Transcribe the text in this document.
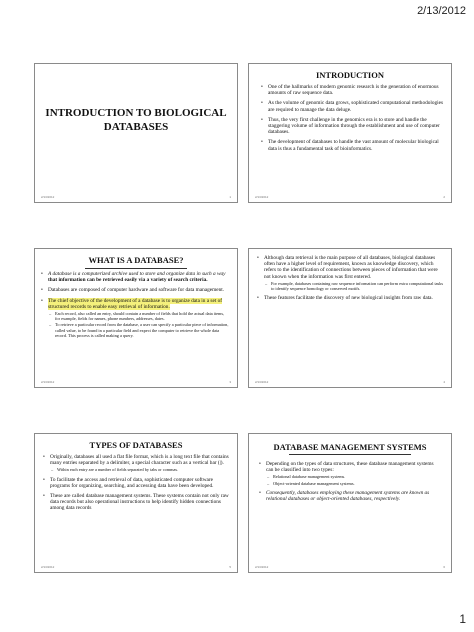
2/13/2012
INTRODUCTION TO BIOLOGICAL DATABASES
2/13/2012	1
INTRODUCTION
• One of the hallmarks of modern genomic research is the generation of enormous amounts of raw sequence data.
• As the volume of genomic data grows, sophisticated computational methodologies are required to manage the data deluge.
• Thus, the very first challenge in the genomics era is to store and handle the staggering volume of information through the establishment and use of computer databases.
• The development of databases to handle the vast amount of molecular biological data is thus a fundamental task of bioinformatics.
2/13/2012	2
WHAT IS A DATABASE?
• A database is a computerized archive used to store and organize data in such a way that information can be retrieved easily via a variety of search criteria.
• Databases are composed of computer hardware and software for data management.
• The chief objective of the development of a database is to organize data in a set of structured records to enable easy retrieval of information.
– Each record, also called an entry, should contain a number of fields that hold the actual data items, for example, fields for names, phone numbers, addresses, dates.
– To retrieve a particular record from the database, a user can specify a particular piece of information, called value, to be found in a particular field and expect the computer to retrieve the whole data record. This process is called making a query.
2/13/2012	3
• Although data retrieval is the main purpose of all databases, biological databases often have a higher level of requirement, known as knowledge discovery, which refers to the identification of connections between pieces of information that were not known when the information was first entered.
– For example, databases containing raw sequence information can perform extra computational tasks to identify sequence homology or conserved motifs.
• These features facilitate the discovery of new biological insights from raw data.
2/13/2012	4
TYPES OF DATABASES
• Originally, databases all used a flat file format, which is a long text file that contains many entries separated by a delimiter, a special character such as a vertical bar (|).
– Within each entry are a number of fields separated by tabs or commas.
• To facilitate the access and retrieval of data, sophisticated computer software programs for organizing, searching, and accessing data have been developed.
• These are called database management systems. These systems contain not only raw data records but also operational instructions to help identify hidden connections among data records
2/13/2012	5
DATABASE MANAGEMENT SYSTEMS
• Depending on the types of data structures, these database management systems can be classified into two types:
– Relational database management systems.
– Object-oriented database management systems.
• Consequently, databases employing these management systems are known as relational databases or object-oriented databases, respectively.
2/13/2012	6
1
